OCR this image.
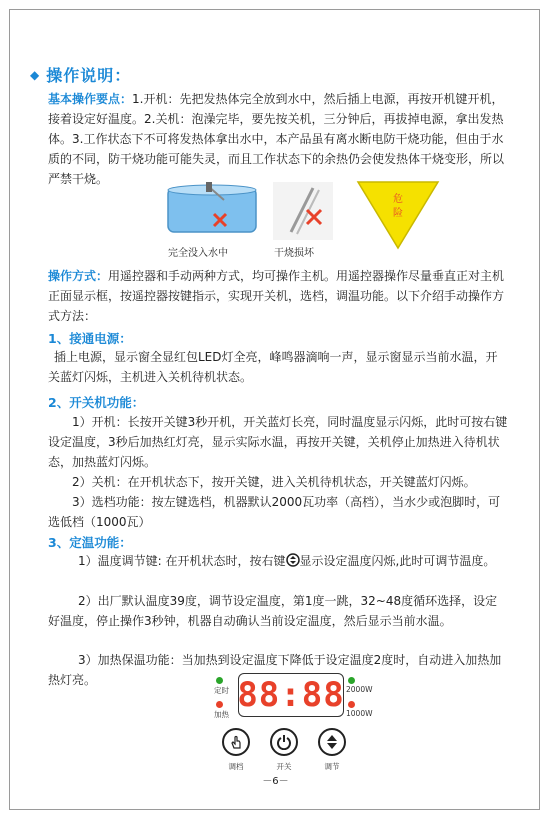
◆ 操作说明：
基本操作要点：1.开机：先把发热体完全放到水中，然后插上电源，再按开机键开机，接着设定好温度。2.关机：泡澡完毕，要先按关机，三分钟后，再拔掉电源，拿出发热体。3.工作状态下不可将发热体拿出水中，本产品虽有离水断电防干烧功能，但由于水质的不同，防干烧功能可能失灵，而且工作状态下的余热仍会使发热体干烧变形，所以严禁干烧。
完全没入水中	干烧损坏
危
险
操作方式：用遥控器和手动两种方式，均可操作主机。用遥控器操作尽量垂直正对主机正面显示框，按遥控器按键指示，实现开关机，选档，调温功能。以下介绍手动操作方式方法：
1、接通电源：
插上电源，显示窗全显红包LED灯全亮，峰鸣器滴响一声，显示窗显示当前水温，开关蓝灯闪烁，主机进入关机待机状态。
2、开关机功能：
1）开机：长按开关键3秒开机，开关蓝灯长亮，同时温度显示闪烁，此时可按右键设定温度，3秒后加热红灯亮，显示实际水温，再按开关键，关机停止加热进入待机状态，加热蓝灯闪烁。
2）关机：在开机状态下，按开关键，进入关机待机状态，开关键蓝灯闪烁。
3）选档功能：按左键选档，机器默认2000瓦功率（高档），当水少或泡脚时，可选低档（1000瓦）
3、定温功能：
1）温度调节键: 在开机状态时，按右键 显示设定温度闪烁,此时可调节温度。
2）出厂默认温度39度，调节设定温度，第1度一跳，32~48度循环选择，设定好温度，停止操作3秒钟，机器自动确认当前设定温度，然后显示当前水温。
3）加热保温功能：当加热到设定温度下降低于设定温度2度时，自动进入加热加热灯亮。
定时
加热 88:88 2000W
1000W
调档	开关	调节
－6－
